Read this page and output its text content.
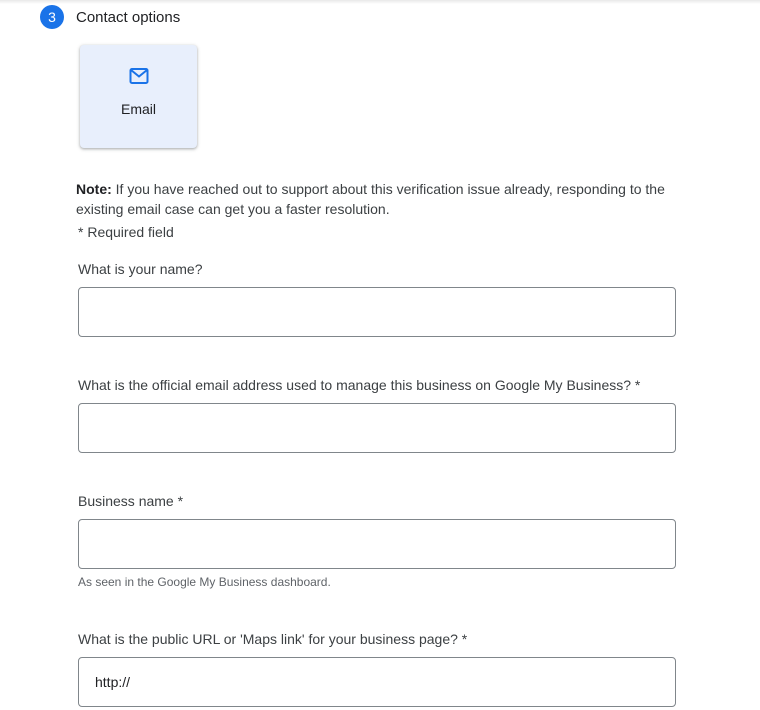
3	Contact options
Email
Note: If you have reached out to support about this verification issue already, responding to the existing email case can get you a faster resolution.
* Required field
What is your name?
What is the official email address used to manage this business on Google My Business? *
Business name *
As seen in the Google My Business dashboard.
What is the public URL or 'Maps link' for your business page? *
http://
